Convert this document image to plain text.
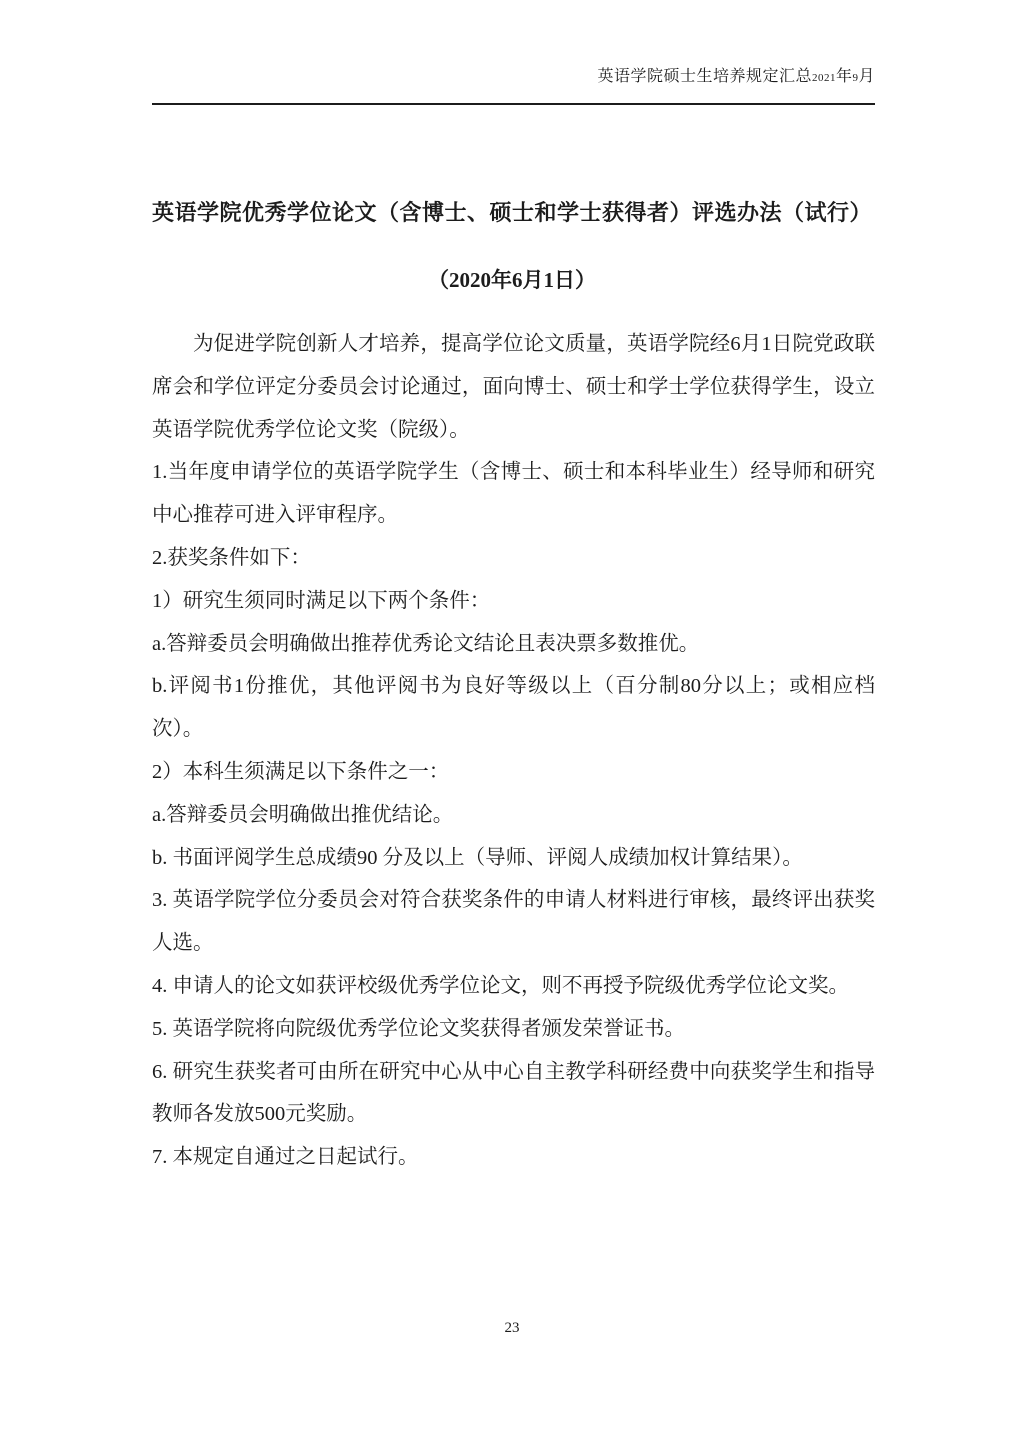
英语学院硕士生培养规定汇总2021年9月
英语学院优秀学位论文（含博士、硕士和学士获得者）评选办法（试行）
（2020年6月1日）

为促进学院创新人才培养，提高学位论文质量，英语学院经6月1日院党政联席会和学位评定分委员会讨论通过，面向博士、硕士和学士学位获得学生，设立英语学院优秀学位论文奖（院级）。

1.当年度申请学位的英语学院学生（含博士、硕士和本科毕业生）经导师和研究中心推荐可进入评审程序。

2.获奖条件如下：

1）研究生须同时满足以下两个条件：

a.答辩委员会明确做出推荐优秀论文结论且表决票多数推优。

b.评阅书1份推优，其他评阅书为良好等级以上（百分制80分以上；或相应档次）。

2）本科生须满足以下条件之一：

a.答辩委员会明确做出推优结论。

b. 书面评阅学生总成绩90 分及以上（导师、评阅人成绩加权计算结果）。

3. 英语学院学位分委员会对符合获奖条件的申请人材料进行审核，最终评出获奖人选。

4. 申请人的论文如获评校级优秀学位论文，则不再授予院级优秀学位论文奖。

5. 英语学院将向院级优秀学位论文奖获得者颁发荣誉证书。

6. 研究生获奖者可由所在研究中心从中心自主教学科研经费中向获奖学生和指导教师各发放500元奖励。

7. 本规定自通过之日起试行。

23
